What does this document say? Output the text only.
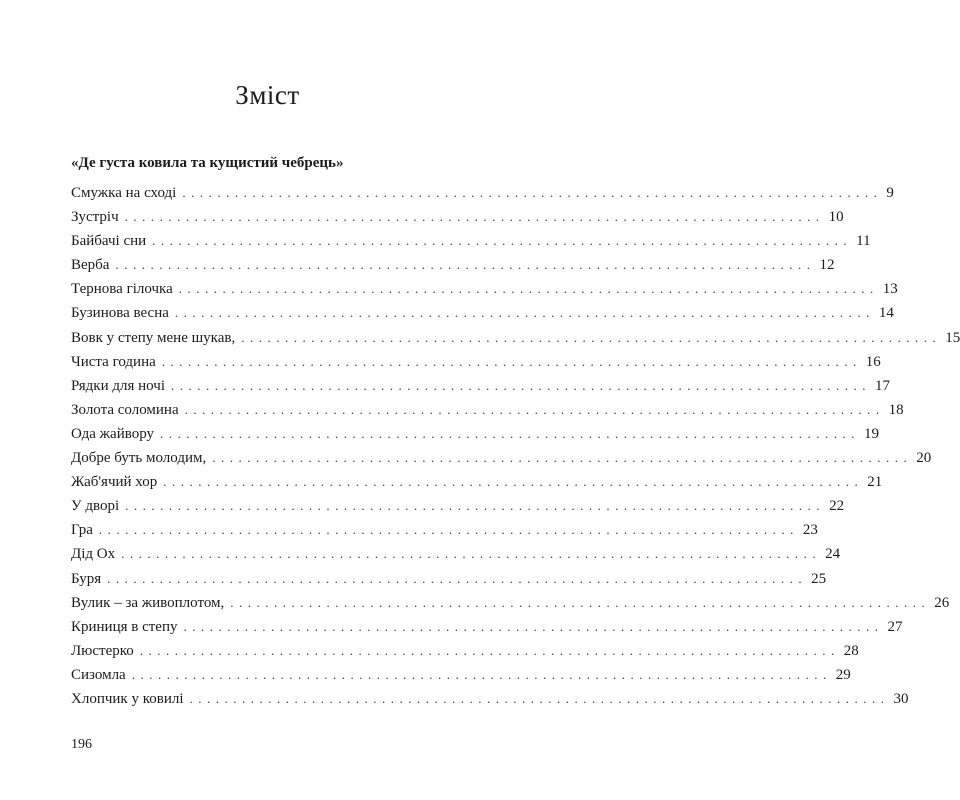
Зміст
«Де густа ковила та кущистий чебрець»
Смужка на сході ................................................................................ 9
Зустріч ................................................................................ 10
Байбачі сни ................................................................................ 11
Верба ................................................................................ 12
Тернова гілочка ................................................................................ 13
Бузинова весна ................................................................................ 14
Вовк у степу мене шукав, ................................................................................ 15
Чиста година ................................................................................ 16
Рядки для ночі ................................................................................ 17
Золота соломина ................................................................................ 18
Ода жайвору ................................................................................ 19
Добре буть молодим, ................................................................................ 20
Жаб'ячий хор ................................................................................ 21
У дворі ................................................................................ 22
Гра ................................................................................ 23
Дід Ох ................................................................................ 24
Буря ................................................................................ 25
Вулик – за живоплотом, ................................................................................ 26
Криниця в степу ................................................................................ 27
Люстерко ................................................................................ 28
Сизомла ................................................................................ 29
Хлопчик у ковилі ................................................................................ 30

196
